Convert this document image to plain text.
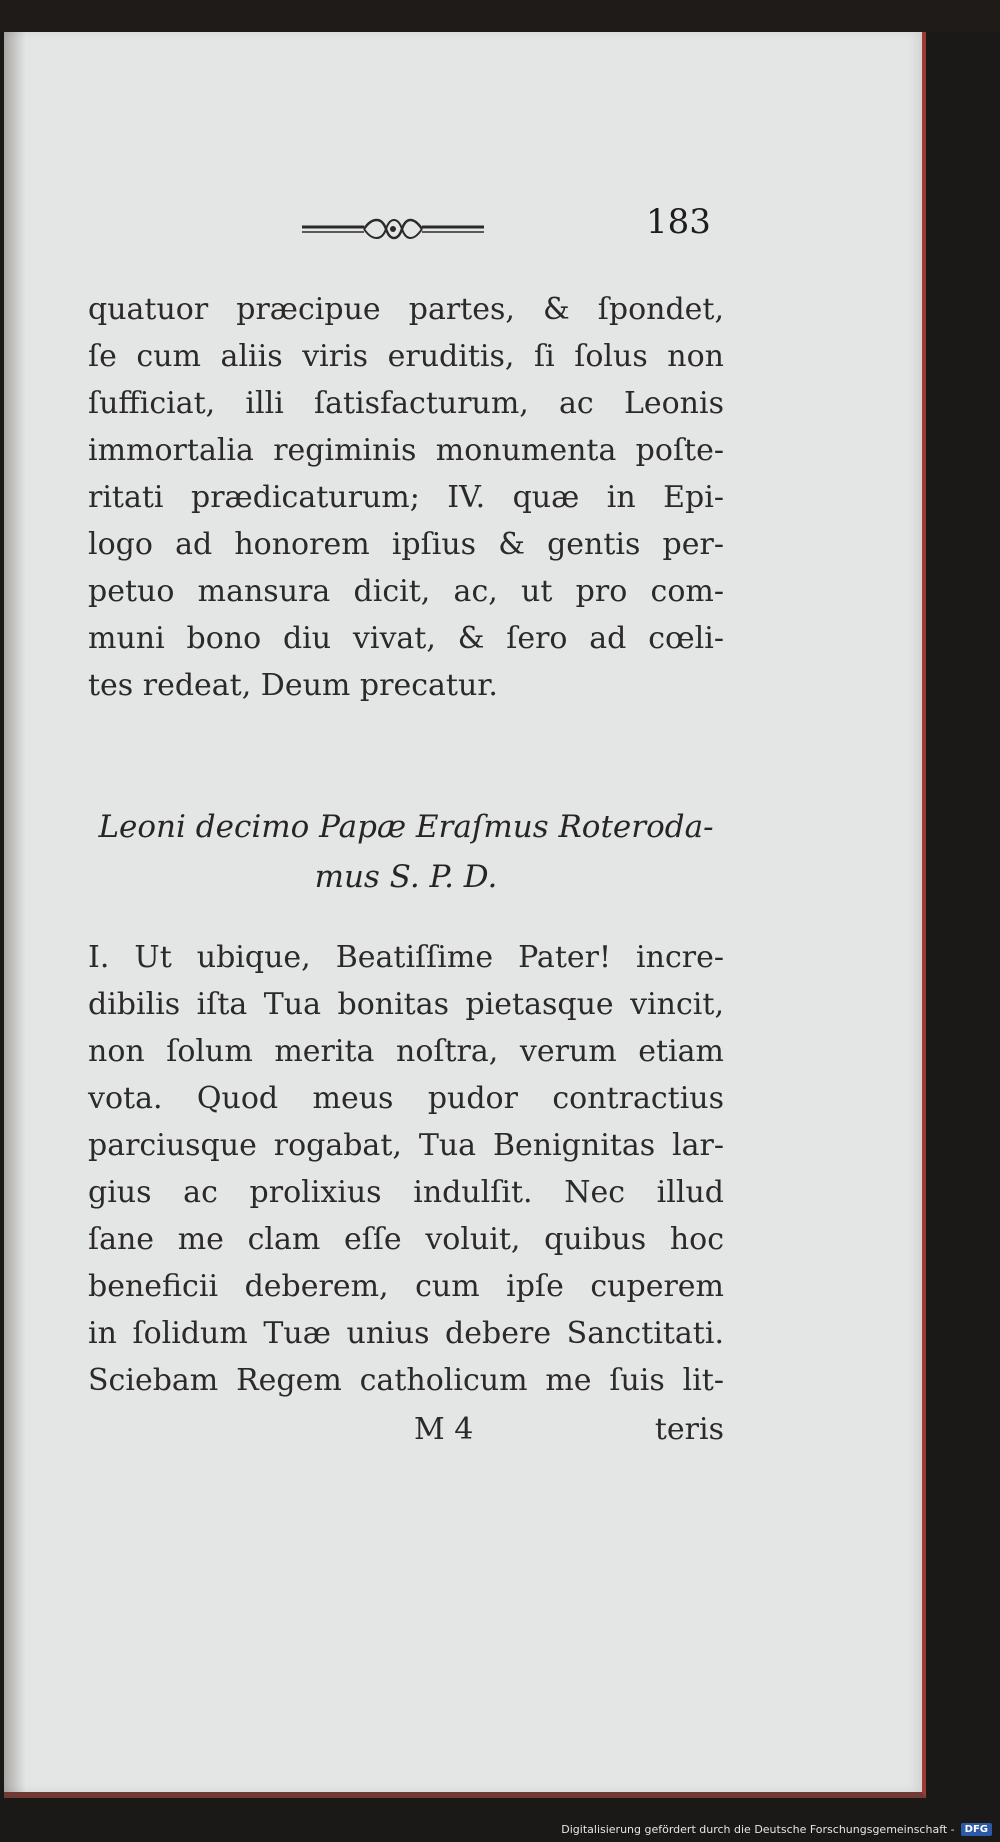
183
quatuor præcipue partes, & ſpondet,
ſe cum aliis viris eruditis, ſi ſolus non
ſufficiat, illi ſatisfacturum, ac Leonis
immortalia regiminis monumenta poſte-
ritati prædicaturum; IV. quæ in Epi-
logo ad honorem ipſius & gentis per-
petuo mansura dicit, ac, ut pro com-
muni bono diu vivat, & ſero ad cœli-
tes redeat, Deum precatur.
Leoni decimo Papæ Eraſmus Roteroda-
mus S. P. D.
I. Ut ubique, Beatiſſime Pater! incre-
dibilis iſta Tua bonitas pietasque vincit,
non ſolum merita noſtra, verum etiam
vota. Quod meus pudor contractius
parciusque rogabat, Tua Benignitas lar-
gius ac prolixius indulſit. Nec illud
ſane me clam eſſe voluit, quibus hoc
beneficii deberem, cum ipſe cuperem
in ſolidum Tuæ unius debere Sanctitati.
Sciebam Regem catholicum me ſuis lit-
M 4	teris
Digitalisierung gefördert durch die Deutsche Forschungsgemeinschaft -	DFG
